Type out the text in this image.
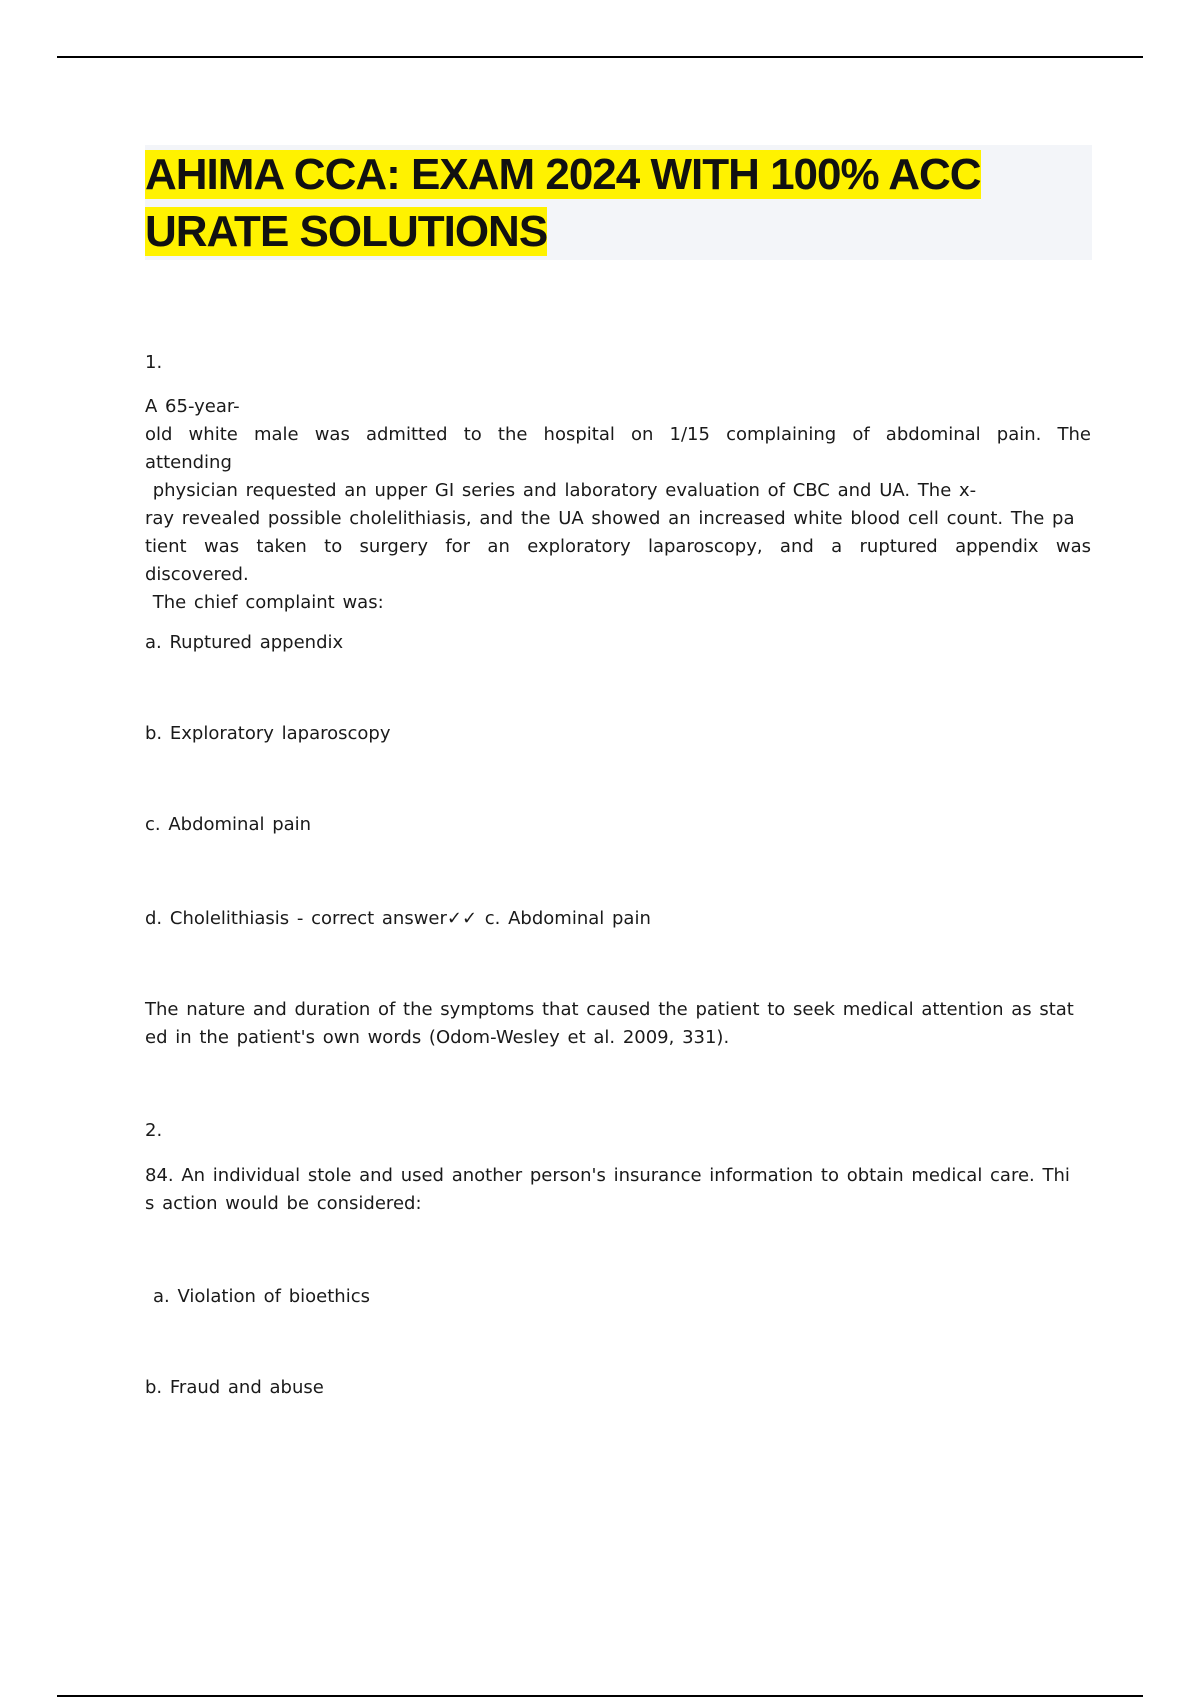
AHIMA CCA: EXAM 2024 WITH 100% ACC
URATE SOLUTIONS

1.

A 65-year-
old white male was admitted to the hospital on 1/15 complaining of abdominal pain. The attending
physician requested an upper GI series and laboratory evaluation of CBC and UA. The x-
ray revealed possible cholelithiasis, and the UA showed an increased white blood cell count. The pa
tient was taken to surgery for an exploratory laparoscopy, and a ruptured appendix was discovered.
The chief complaint was:

a. Ruptured appendix

b. Exploratory laparoscopy

c. Abdominal pain

d. Cholelithiasis - correct answer✓✓ c. Abdominal pain

The nature and duration of the symptoms that caused the patient to seek medical attention as stat
ed in the patient's own words (Odom-Wesley et al. 2009, 331).

2.

84. An individual stole and used another person's insurance information to obtain medical care. Thi
s action would be considered:

a. Violation of bioethics

b. Fraud and abuse
